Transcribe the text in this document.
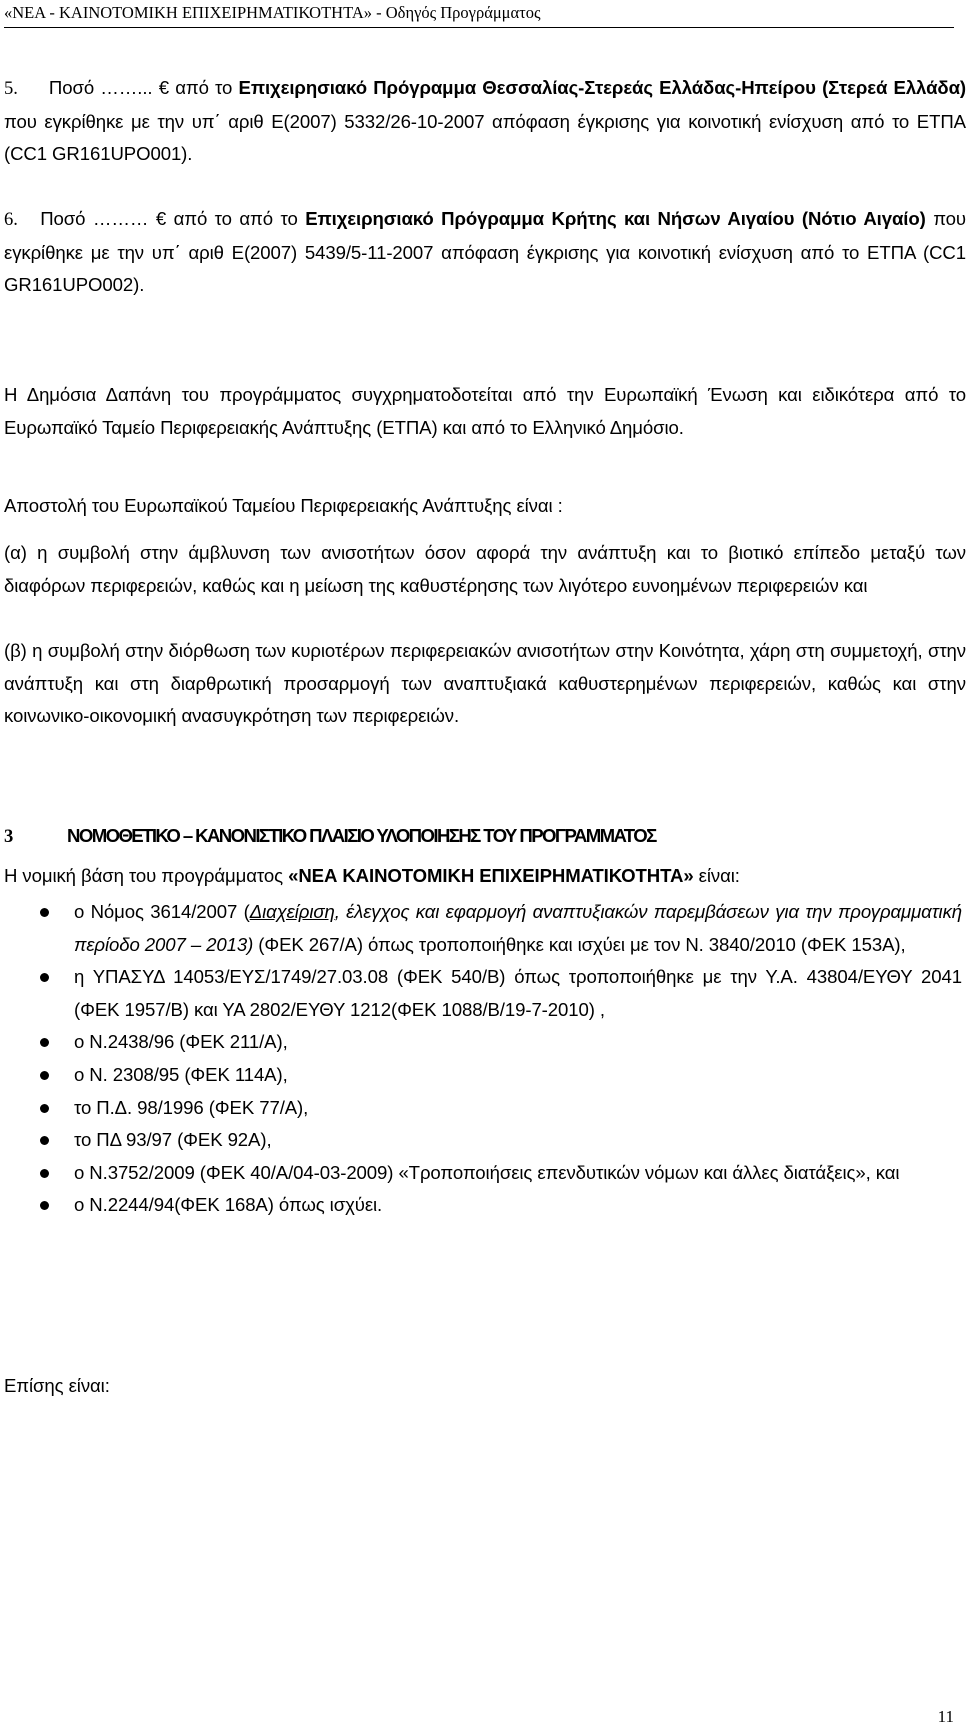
«ΝΕΑ - ΚΑΙΝΟΤΟΜΙΚΗ ΕΠΙΧΕΙΡΗΜΑΤΙΚΟΤΗΤΑ» - Οδηγός Προγράμματος

5. Ποσό ……... € από το Επιχειρησιακό Πρόγραμμα Θεσσαλίας-Στερεάς Ελλάδας-Ηπείρου (Στερεά Ελλάδα) που εγκρίθηκε με την υπ΄ αριθ Ε(2007) 5332/26-10-2007 απόφαση έγκρισης για κοινοτική ενίσχυση από το ΕΤΠΑ (CC1 GR161UPO001).

6. Ποσό ……… € από το από το Επιχειρησιακό Πρόγραμμα Κρήτης και Νήσων Αιγαίου (Νότιο Αιγαίο) που εγκρίθηκε με την υπ΄ αριθ Ε(2007) 5439/5-11-2007 απόφαση έγκρισης για κοινοτική ενίσχυση από το ΕΤΠΑ (CC1 GR161UPO002).

Η Δημόσια Δαπάνη του προγράμματος συγχρηματοδοτείται από την Ευρωπαϊκή Ένωση και ειδικότερα από το Ευρωπαϊκό Ταμείο Περιφερειακής Ανάπτυξης (ΕΤΠΑ) και από το Ελληνικό Δημόσιο.
Αποστολή του Ευρωπαϊκού Ταμείου Περιφερειακής Ανάπτυξης είναι :
(α) η συμβολή στην άμβλυνση των ανισοτήτων όσον αφορά την ανάπτυξη και το βιοτικό επίπεδο μεταξύ των διαφόρων περιφερειών, καθώς και η μείωση της καθυστέρησης των λιγότερο ευνοημένων περιφερειών και
(β) η συμβολή στην διόρθωση των κυριοτέρων περιφερειακών ανισοτήτων στην Κοινότητα, χάρη στη συμμετοχή, στην ανάπτυξη και στη διαρθρωτική προσαρμογή των αναπτυξιακά καθυστερημένων περιφερειών, καθώς και στην κοινωνικο-οικονομική ανασυγκρότηση των περιφερειών.
3	ΝΟΜΟΘΕΤΙΚΟ – ΚΑΝΟΝΙΣΤΙΚΟ ΠΛΑΙΣΙΟ ΥΛΟΠΟΙΗΣΗΣ ΤΟΥ ΠΡΟΓΡΑΜΜΑΤΟΣ
Η νομική βάση του προγράμματος «ΝΕΑ ΚΑΙΝΟΤΟΜΙΚΗ ΕΠΙΧΕΙΡΗΜΑΤΙΚΟΤΗΤΑ» είναι:
ο Νόμος 3614/2007 (Διαχείριση, έλεγχος και εφαρμογή αναπτυξιακών παρεμβάσεων για την προγραμματική περίοδο 2007 – 2013) (ΦΕΚ 267/Α) όπως τροποποιήθηκε και ισχύει με τον Ν. 3840/2010 (ΦΕΚ 153Α),
η ΥΠΑΣΥΔ 14053/ΕΥΣ/1749/27.03.08 (ΦΕΚ 540/Β) όπως τροποποιήθηκε με την Υ.Α. 43804/ΕΥΘΥ 2041 (ΦΕΚ 1957/Β) και ΥΑ 2802/ΕΥΘΥ 1212(ΦΕΚ 1088/Β/19-7-2010) ,
ο Ν.2438/96 (ΦΕΚ 211/Α),
ο Ν. 2308/95 (ΦΕΚ 114Α),
το Π.Δ. 98/1996 (ΦΕΚ 77/Α),
το ΠΔ 93/97 (ΦΕΚ 92Α),
ο Ν.3752/2009 (ΦΕΚ 40/Α/04-03-2009) «Τροποποιήσεις επενδυτικών νόμων και άλλες διατάξεις», και
ο Ν.2244/94(ΦΕΚ 168Α) όπως ισχύει.
Επίσης είναι:
11
